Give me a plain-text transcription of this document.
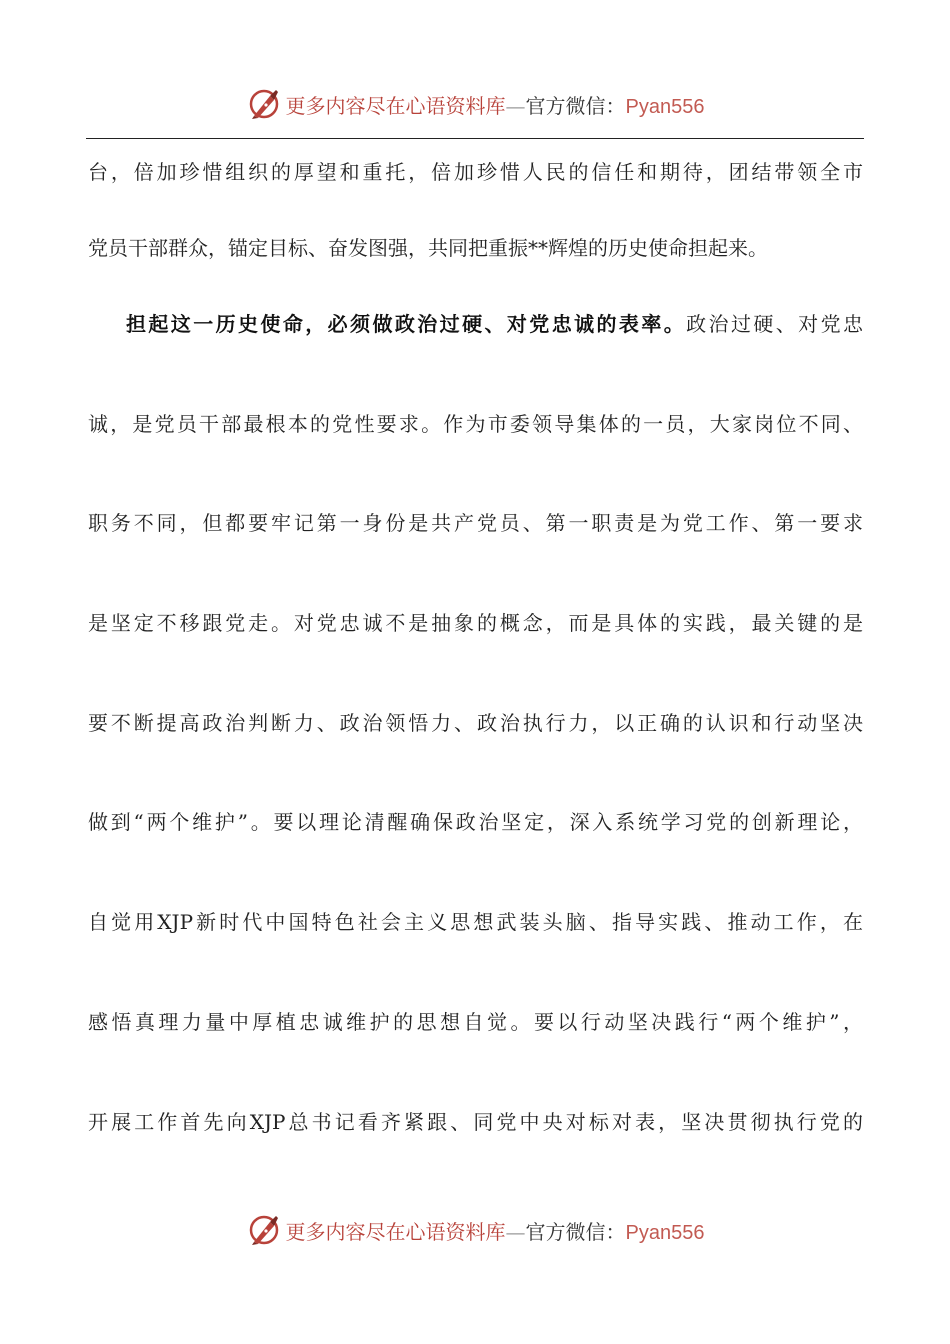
更多内容尽在心语资料库—官方微信：Pyan556
台，倍加珍惜组织的厚望和重托，倍加珍惜人民的信任和期待，团结带领全市
党员干部群众，锚定目标、奋发图强，共同把重振**辉煌的历史使命担起来。
担起这一历史使命，必须做政治过硬、对党忠诚的表率。政治过硬、对党忠
诚，是党员干部最根本的党性要求。作为市委领导集体的一员，大家岗位不同、
职务不同，但都要牢记第一身份是共产党员、第一职责是为党工作、第一要求
是坚定不移跟党走。对党忠诚不是抽象的概念，而是具体的实践，最关键的是
要不断提高政治判断力、政治领悟力、政治执行力，以正确的认识和行动坚决
做到“两个维护”。要以理论清醒确保政治坚定，深入系统学习党的创新理论，
自觉用XJP新时代中国特色社会主义思想武装头脑、指导实践、推动工作，在
感悟真理力量中厚植忠诚维护的思想自觉。要以行动坚决践行“两个维护”，
开展工作首先向XJP总书记看齐紧跟、同党中央对标对表，坚决贯彻执行党的
更多内容尽在心语资料库—官方微信：Pyan556
